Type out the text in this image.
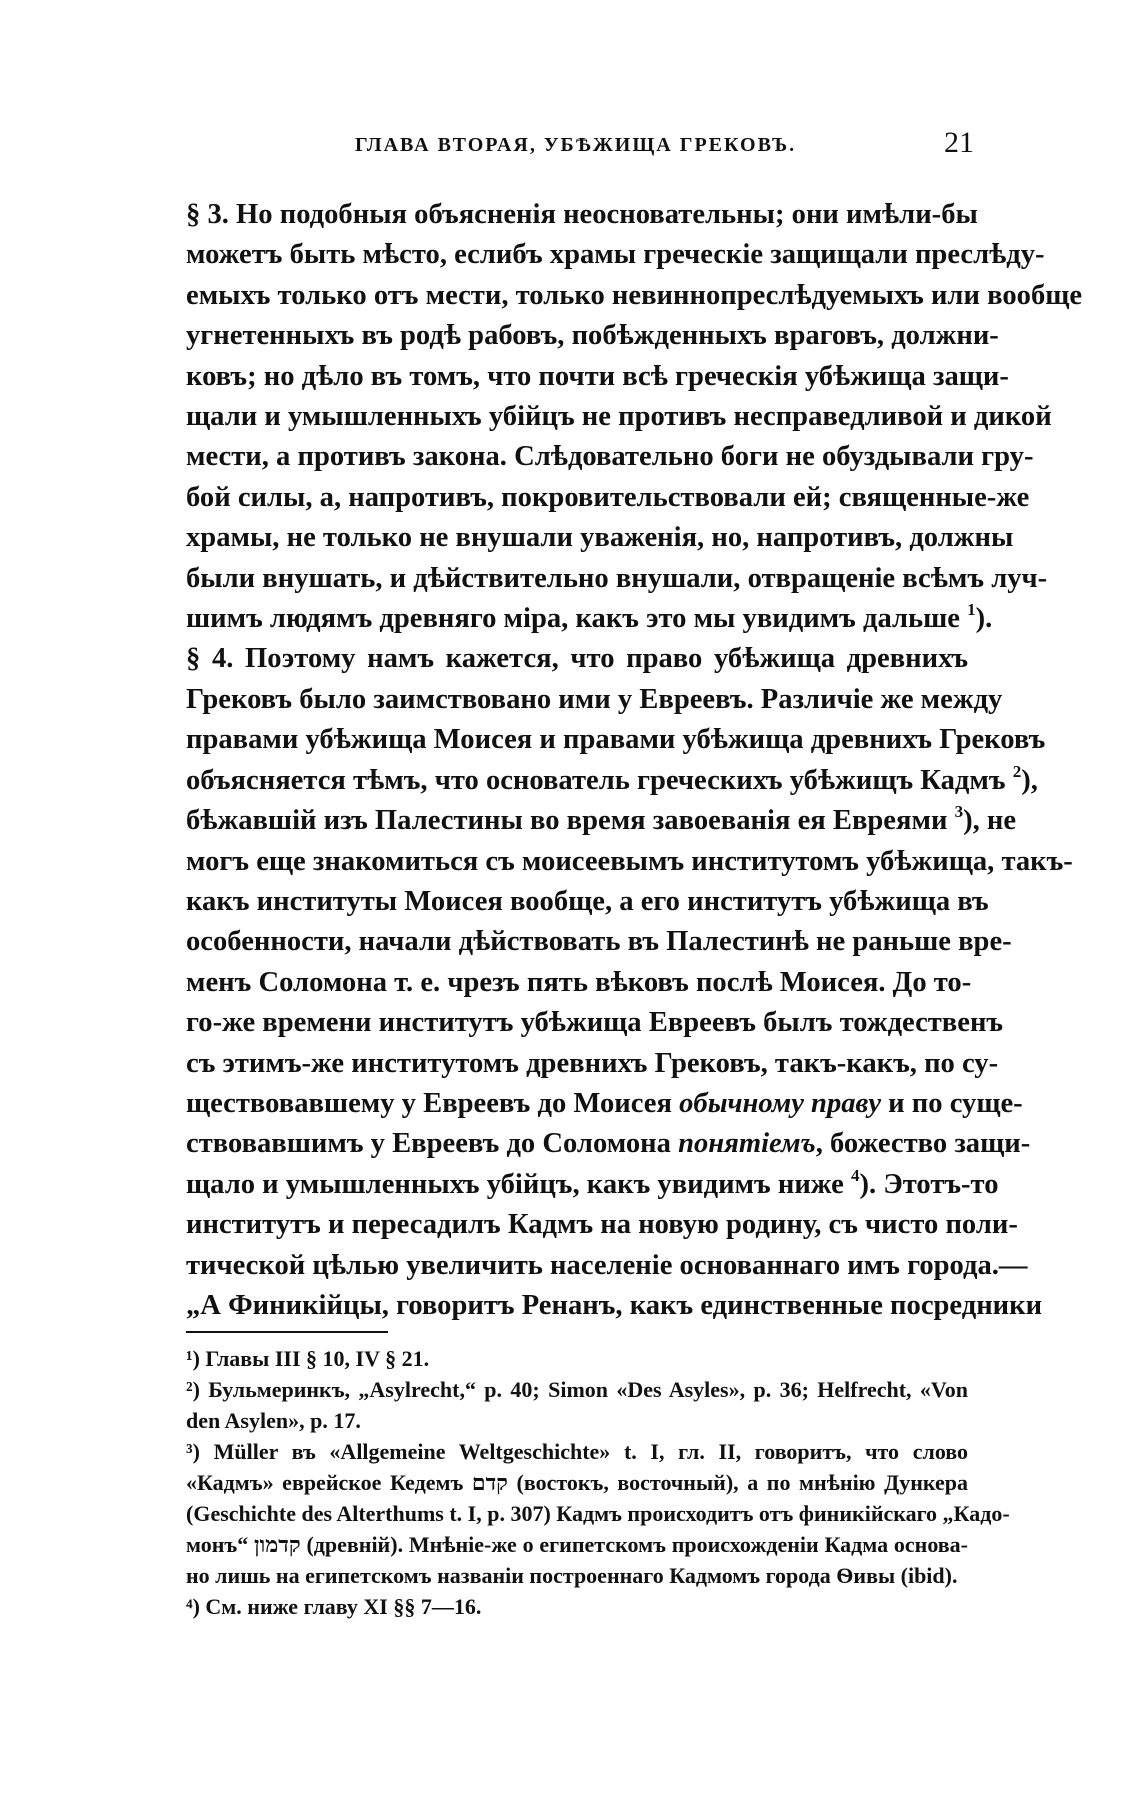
ГЛАВА ВТОРАЯ, УБѢЖИЩА ГРЕКОВЪ.	21
§ 3. Но подобныя объясненія неосновательны; они имѣли-бы
можетъ быть мѣсто, еслибъ храмы греческіе защищали преслѣду-
емыхъ только отъ мести, только невиннопреслѣдуемыхъ или вообще
угнетенныхъ въ родѣ рабовъ, побѣжденныхъ враговъ, должни-
ковъ; но дѣло въ томъ, что почти всѣ греческія убѣжища защи-
щали и умышленныхъ убійцъ не противъ несправедливой и дикой
мести, а противъ закона. Слѣдовательно боги не обуздывали гру-
бой силы, а, напротивъ, покровительствовали ей; священные-же
храмы, не только не внушали уваженія, но, напротивъ, должны
были внушать, и дѣйствительно внушали, отвращеніе всѣмъ луч-
шимъ людямъ древняго міра, какъ это мы увидимъ дальше $^1$).
§ 4. Поэтому намъ кажется, что право убѣжища древнихъ
Грековъ было заимствовано ими у Евреевъ. Различіе же между
правами убѣжища Моисея и правами убѣжища древнихъ Грековъ
объясняется тѣмъ, что основатель греческихъ убѣжищъ Кадмъ $^2$),
бѣжавшій изъ Палестины во время завоеванія ея Евреями $^3$), не
могъ еще знакомиться съ моисеевымъ институтомъ убѣжища, такъ-
какъ институты Моисея вообще, а его институтъ убѣжища въ
особенности, начали дѣйствовать въ Палестинѣ не раньше вре-
менъ Соломона т. е. чрезъ пять вѣковъ послѣ Моисея. До то-
го-же времени институтъ убѣжища Евреевъ былъ тождественъ
съ этимъ-же институтомъ древнихъ Грековъ, такъ-какъ, по су-
ществовавшему у Евреевъ до Моисея обычному праву и по суще-
ствовавшимъ у Евреевъ до Соломона понятіемъ, божество защи-
щало и умышленныхъ убійцъ, какъ увидимъ ниже $^4$). Этотъ-то
институтъ и пересадилъ Кадмъ на новую родину, съ чисто поли-
тической цѣлью увеличить населеніе основаннаго имъ города.—
„А Финикійцы, говоритъ Ренанъ, какъ единственные посредники
¹) Главы III § 10, IV § 21.
²) Бульмеринкъ, „Asylrecht,“ p. 40; Simon «Des Asyles», p. 36; Helfrecht, «Von
den Asylen», p. 17.
³) Müller въ «Allgemeine Weltgeschichte» t. I, гл. II, говоритъ, что слово
«Кадмъ» еврейское Кедемъ קדם (востокъ, восточный), а по мнѣнію Дункера
(Geschichte des Alterthums t. I, p. 307) Кадмъ происходитъ отъ финикійскаго „Кадо-
монъ“ קדמון (древній). Мнѣніе-же о египетскомъ происхожденіи Кадма основа-
но лишь на египетскомъ названіи построеннаго Кадмомъ города Ѳивы (ibid).
⁴) См. ниже главу XI §§ 7—16.
